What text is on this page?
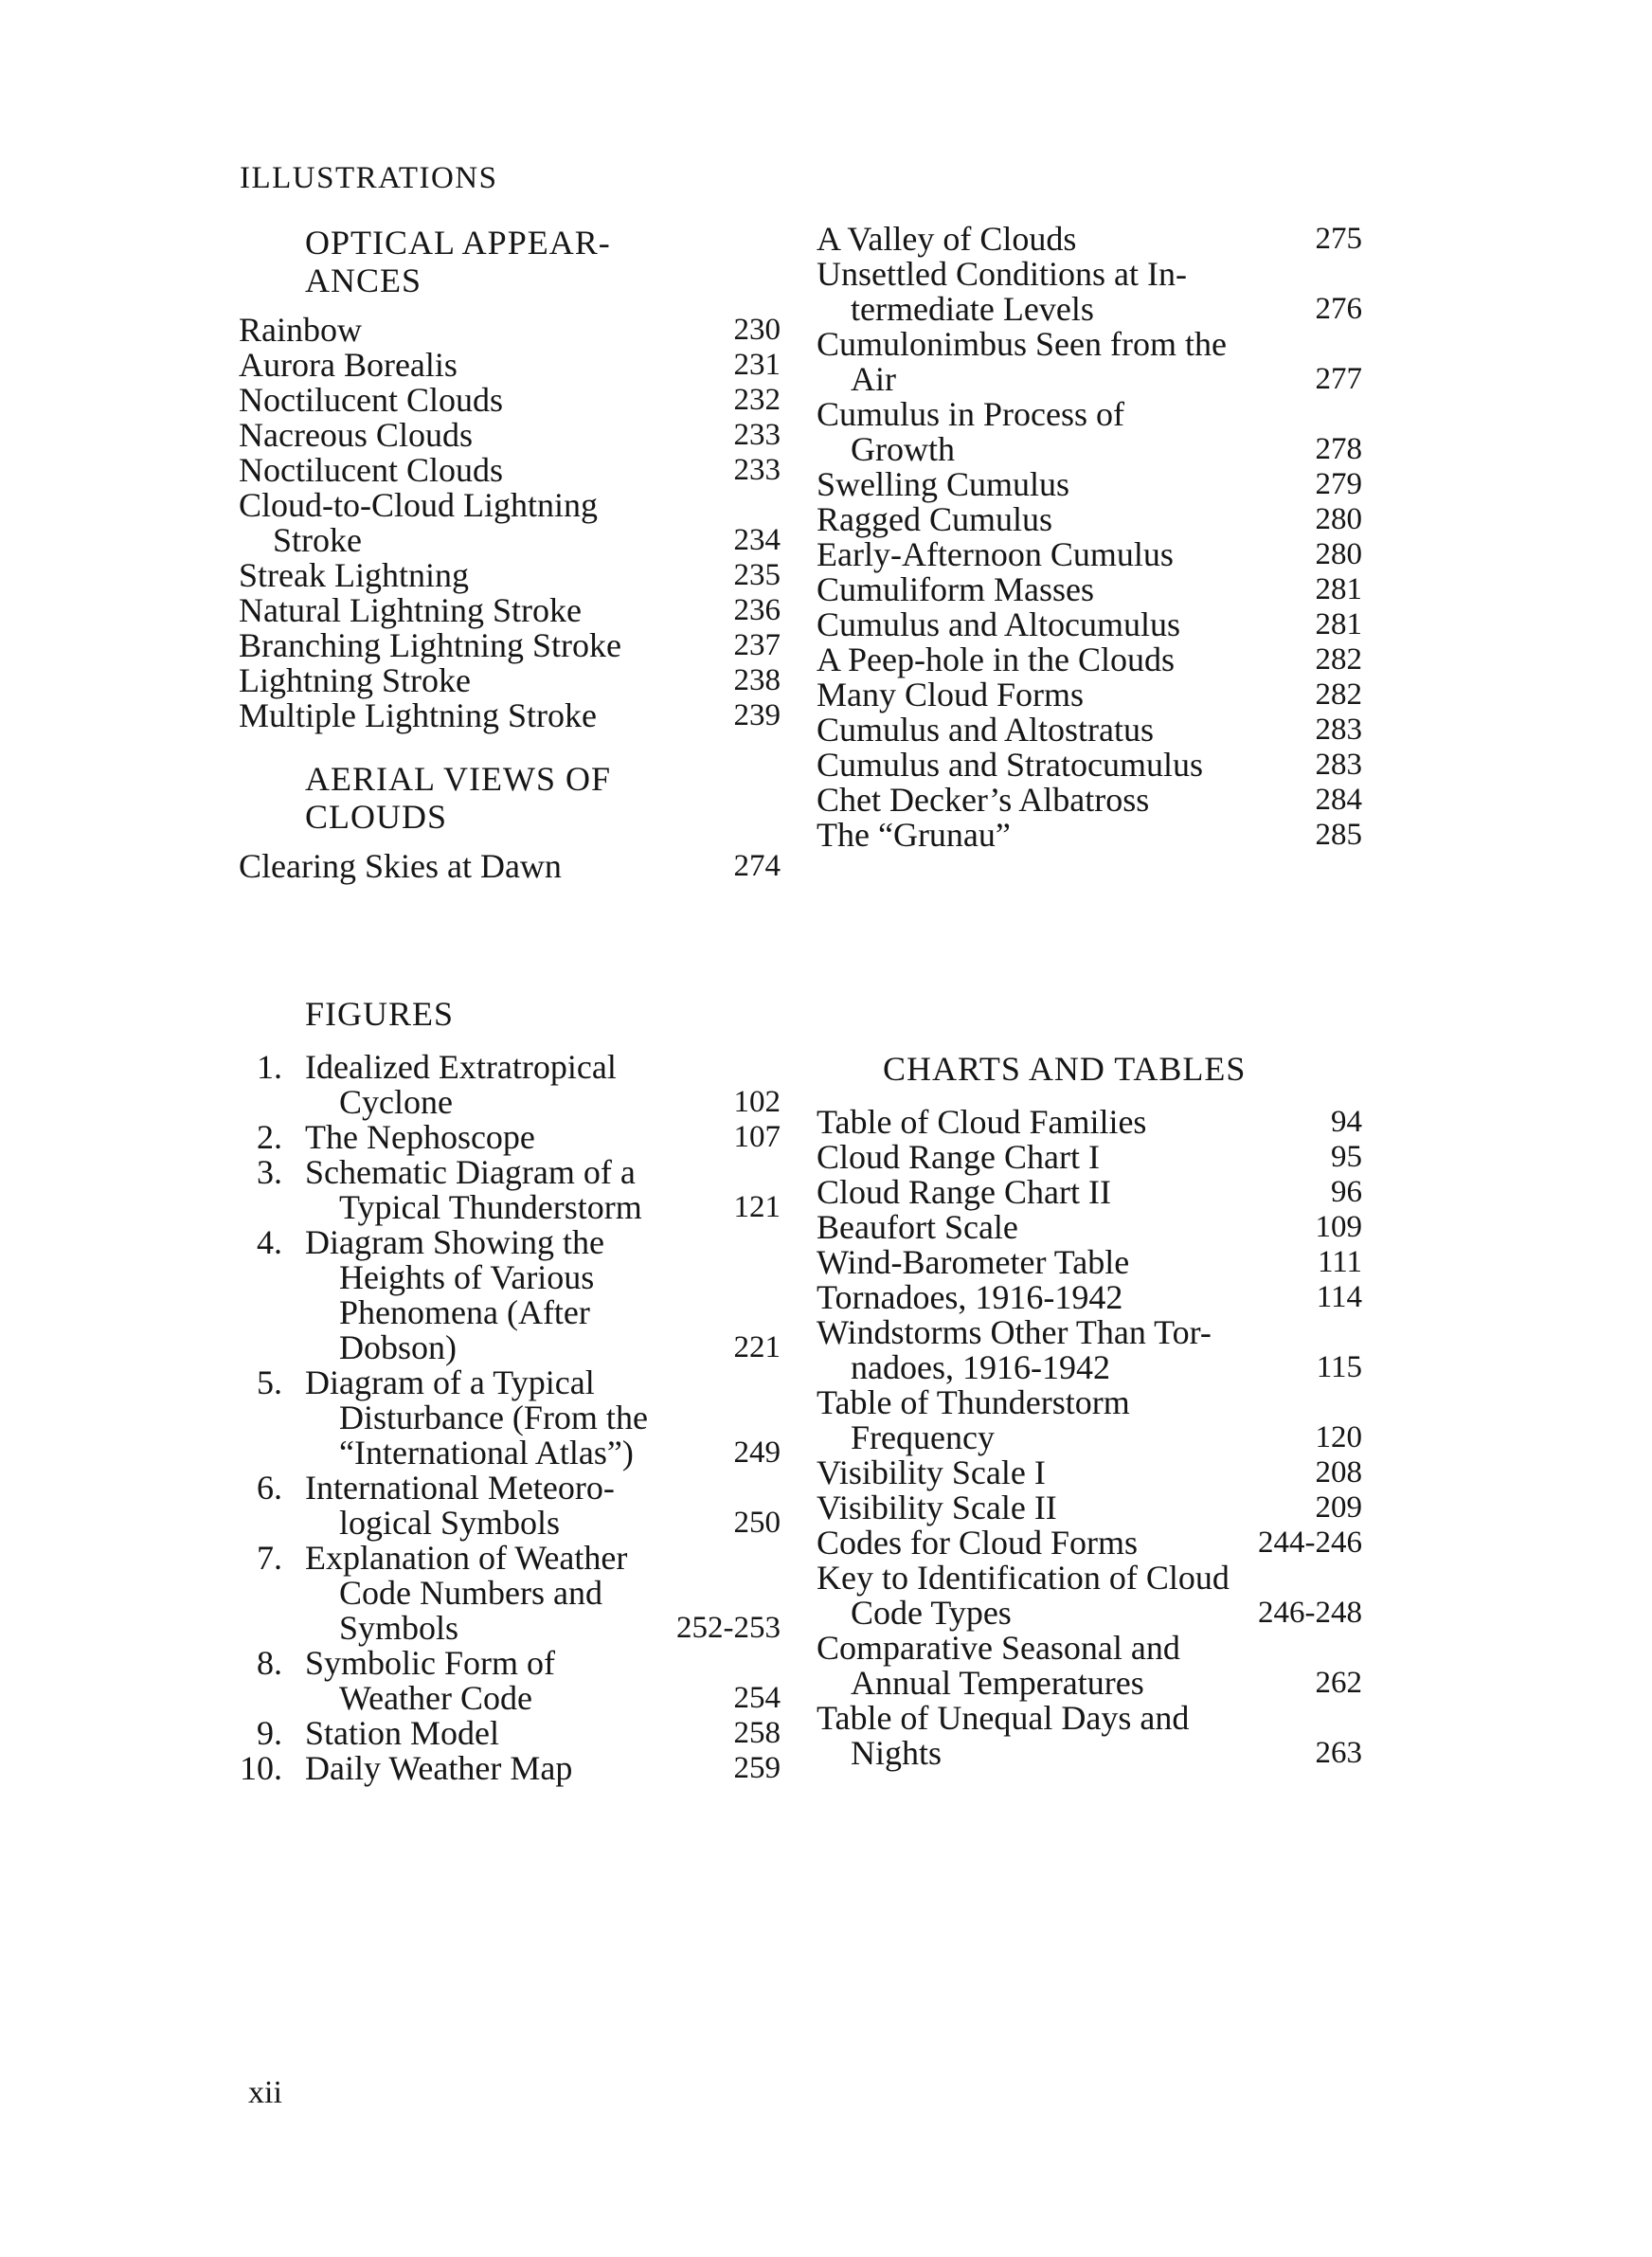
ILLUSTRATIONS
OPTICAL APPEAR-
ANCES
Rainbow	230
Aurora Borealis	231
Noctilucent Clouds	232
Nacreous Clouds	233
Noctilucent Clouds	233
Cloud-to-Cloud Lightning
Stroke	234
Streak Lightning	235
Natural Lightning Stroke	236
Branching Lightning Stroke	237
Lightning Stroke	238
Multiple Lightning Stroke	239
AERIAL VIEWS OF
CLOUDS
Clearing Skies at Dawn	274
A Valley of Clouds	275
Unsettled Conditions at In-
termediate Levels	276
Cumulonimbus Seen from the
Air	277
Cumulus in Process of
Growth	278
Swelling Cumulus	279
Ragged Cumulus	280
Early-Afternoon Cumulus	280
Cumuliform Masses	281
Cumulus and Altocumulus	281
A Peep-hole in the Clouds	282
Many Cloud Forms	282
Cumulus and Altostratus	283
Cumulus and Stratocumulus	283
Chet Decker’s Albatross	284
The “Grunau”	285
FIGURES
1. Idealized Extratropical
Cyclone	102
2. The Nephoscope	107
3. Schematic Diagram of a
Typical Thunderstorm	121
4. Diagram Showing the
Heights of Various
Phenomena (After
Dobson)	221
5. Diagram of a Typical
Disturbance (From the
“International Atlas”)	249
6. International Meteoro-
logical Symbols	250
7. Explanation of Weather
Code Numbers and
Symbols	252-253
8. Symbolic Form of
Weather Code	254
9. Station Model	258
10. Daily Weather Map	259
CHARTS AND TABLES
Table of Cloud Families	94
Cloud Range Chart I	95
Cloud Range Chart II	96
Beaufort Scale	109
Wind-Barometer Table	111
Tornadoes, 1916-1942	114
Windstorms Other Than Tor-
nadoes, 1916-1942	115
Table of Thunderstorm
Frequency	120
Visibility Scale I	208
Visibility Scale II	209
Codes for Cloud Forms	244-246
Key to Identification of Cloud
Code Types	246-248
Comparative Seasonal and
Annual Temperatures	262
Table of Unequal Days and
Nights	263
xii
